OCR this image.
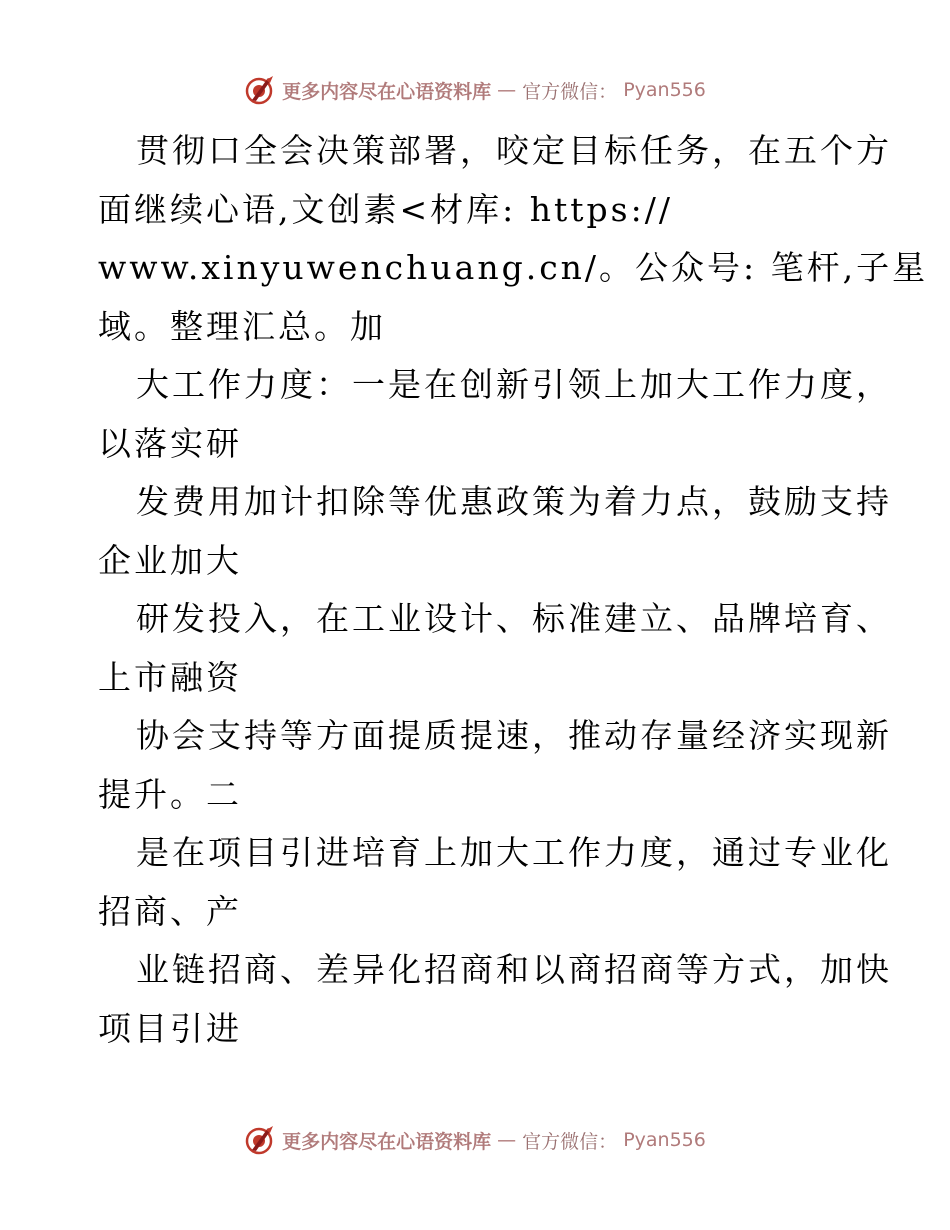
更多内容尽在心语资料库 — 官方微信： Pyan556
贯彻口全会决策部署，咬定目标任务，在五个方
面继续心语,文创素<材库: https://
www.xinyuwenchuang.cn/。公众号: 笔杆,子星
域。整理汇总。加
大工作力度：一是在创新引领上加大工作力度，
以落实研
发费用加计扣除等优惠政策为着力点，鼓励支持
企业加大
研发投入，在工业设计、标准建立、品牌培育、
上市融资
协会支持等方面提质提速，推动存量经济实现新
提升。二
是在项目引进培育上加大工作力度，通过专业化
招商、产
业链招商、差异化招商和以商招商等方式，加快
项目引进
更多内容尽在心语资料库 — 官方微信： Pyan556
